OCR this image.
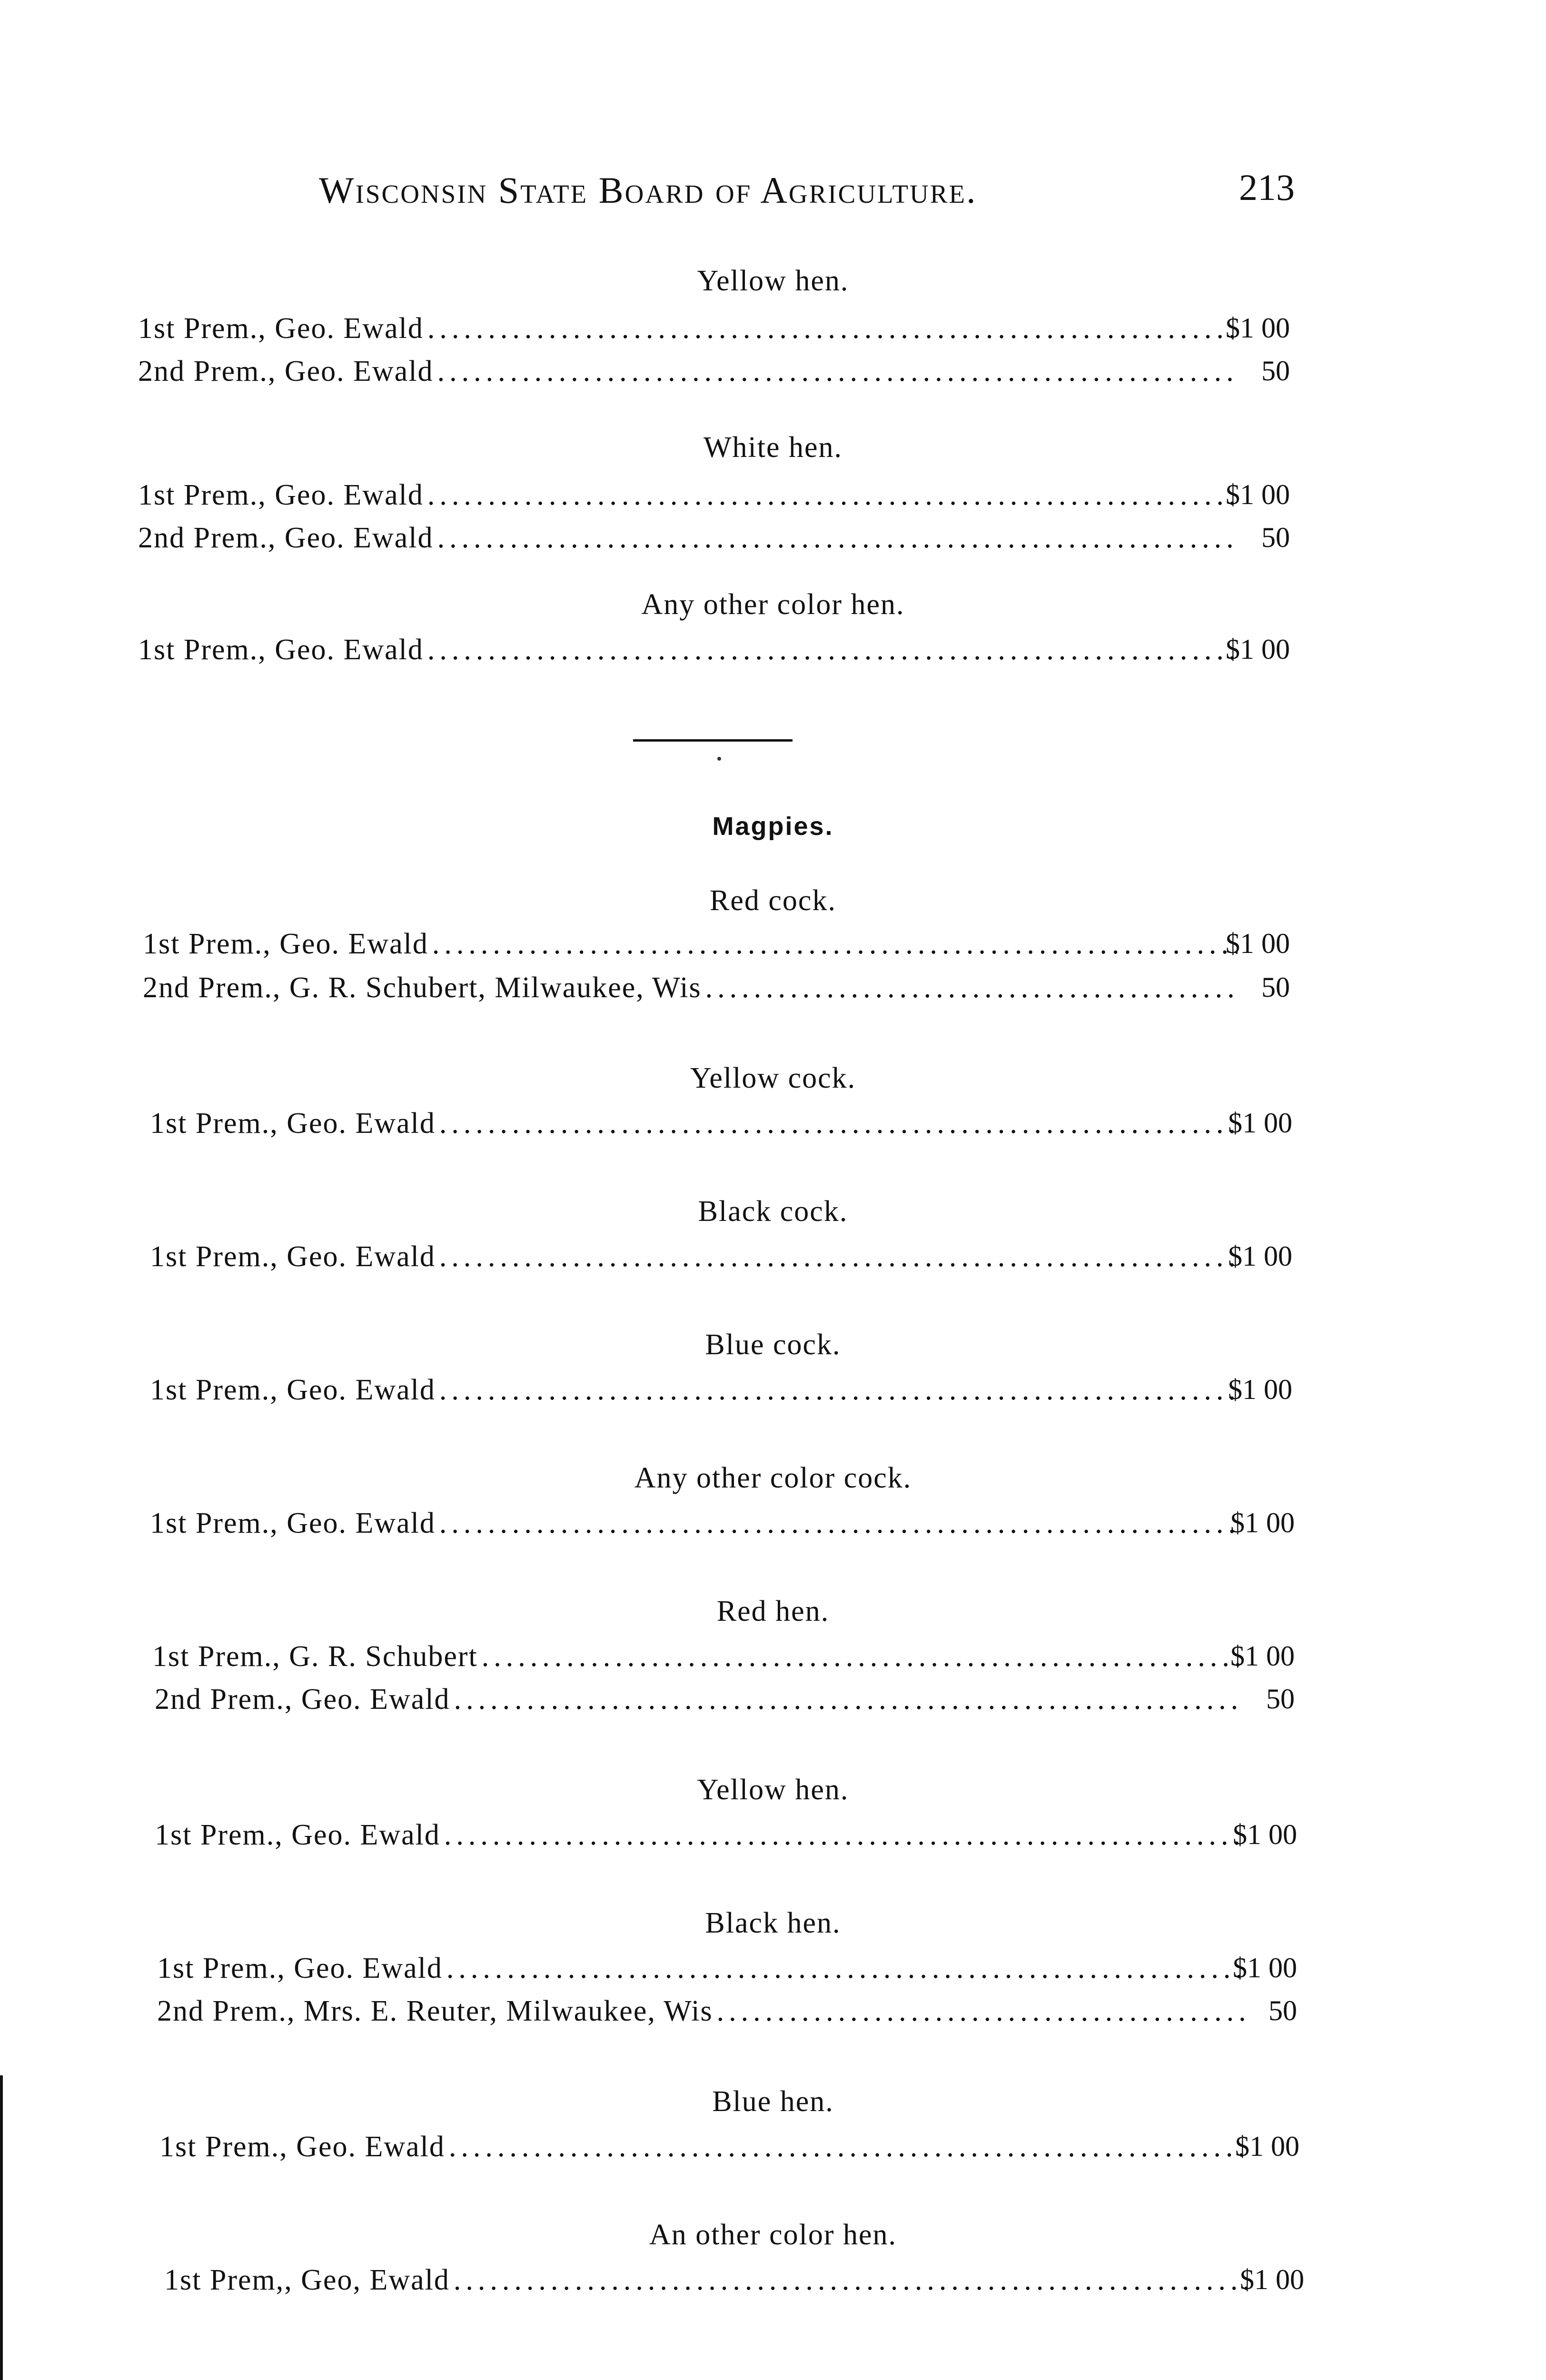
Wisconsin State Board of Agriculture.	213
Yellow hen.
1st Prem., Geo. Ewald .....	$1 00
2nd Prem., Geo. Ewald .....	50
White hen.
1st Prem., Geo. Ewald .....	$1 00
2nd Prem., Geo. Ewald .....	50
Any other color hen.
1st Prem., Geo. Ewald .....	$1 00
Magpies.
Red cock.
1st Prem., Geo. Ewald .....	$1 00
2nd Prem., G. R. Schubert, Milwaukee, Wis .....	50
Yellow cock.
1st Prem., Geo. Ewald .....	$1 00
Black cock.
1st Prem., Geo. Ewald .....	$1 00
Blue cock.
1st Prem., Geo. Ewald .....	$1 00
Any other color cock.
1st Prem., Geo. Ewald .....	$1 00
Red hen.
1st Prem., G. R. Schubert .....	$1 00
2nd Prem., Geo. Ewald .....	50
Yellow hen.
1st Prem., Geo. Ewald .....	$1 00
Black hen.
1st Prem., Geo. Ewald .....	$1 00
2nd Prem., Mrs. E. Reuter, Milwaukee, Wis .....	50
Blue hen.
1st Prem., Geo. Ewald .....	$1 00
An other color hen.
1st Prem,, Geo, Ewald .....	$1 00
